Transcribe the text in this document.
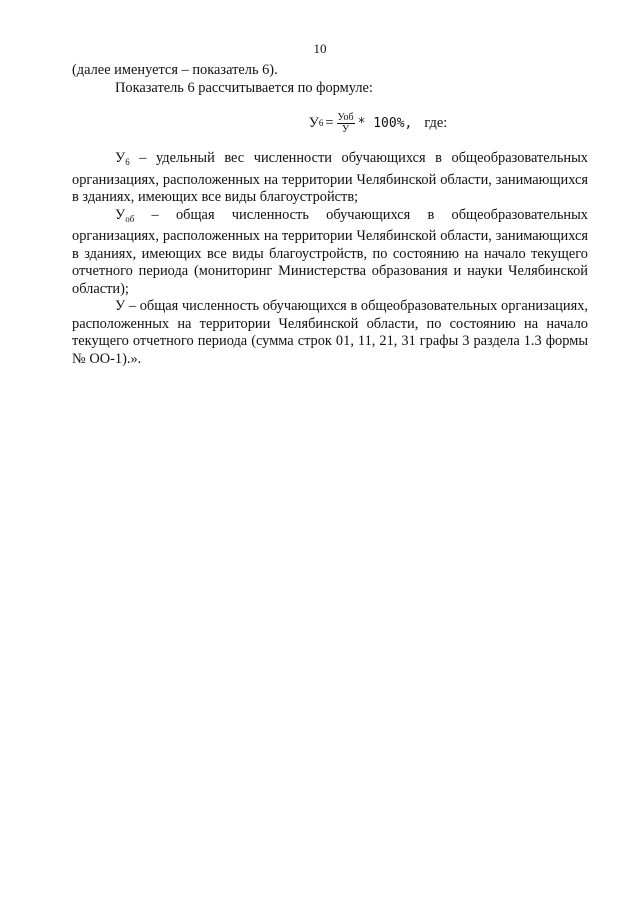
10

(далее именуется – показатель 6).

Показатель 6 рассчитывается по формуле:

У $6 = \frac{\text{Уоб}}{У} * 100\%$, где:

$У_6$ – удельный вес численности обучающихся в общеобразовательных организациях, расположенных на территории Челябинской области, занимающихся в зданиях, имеющих все виды благоустройств;

$У_{об}$ – общая численность обучающихся в общеобразовательных организациях, расположенных на территории Челябинской области, занимающихся в зданиях, имеющих все виды благоустройств, по состоянию на начало текущего отчетного периода (мониторинг Министерства образования и науки Челябинской области);

У – общая численность обучающихся в общеобразовательных организациях, расположенных на территории Челябинской области, по состоянию на начало текущего отчетного периода (сумма строк 01, 11, 21, 31 графы 3 раздела 1.3 формы № ОО-1).».
